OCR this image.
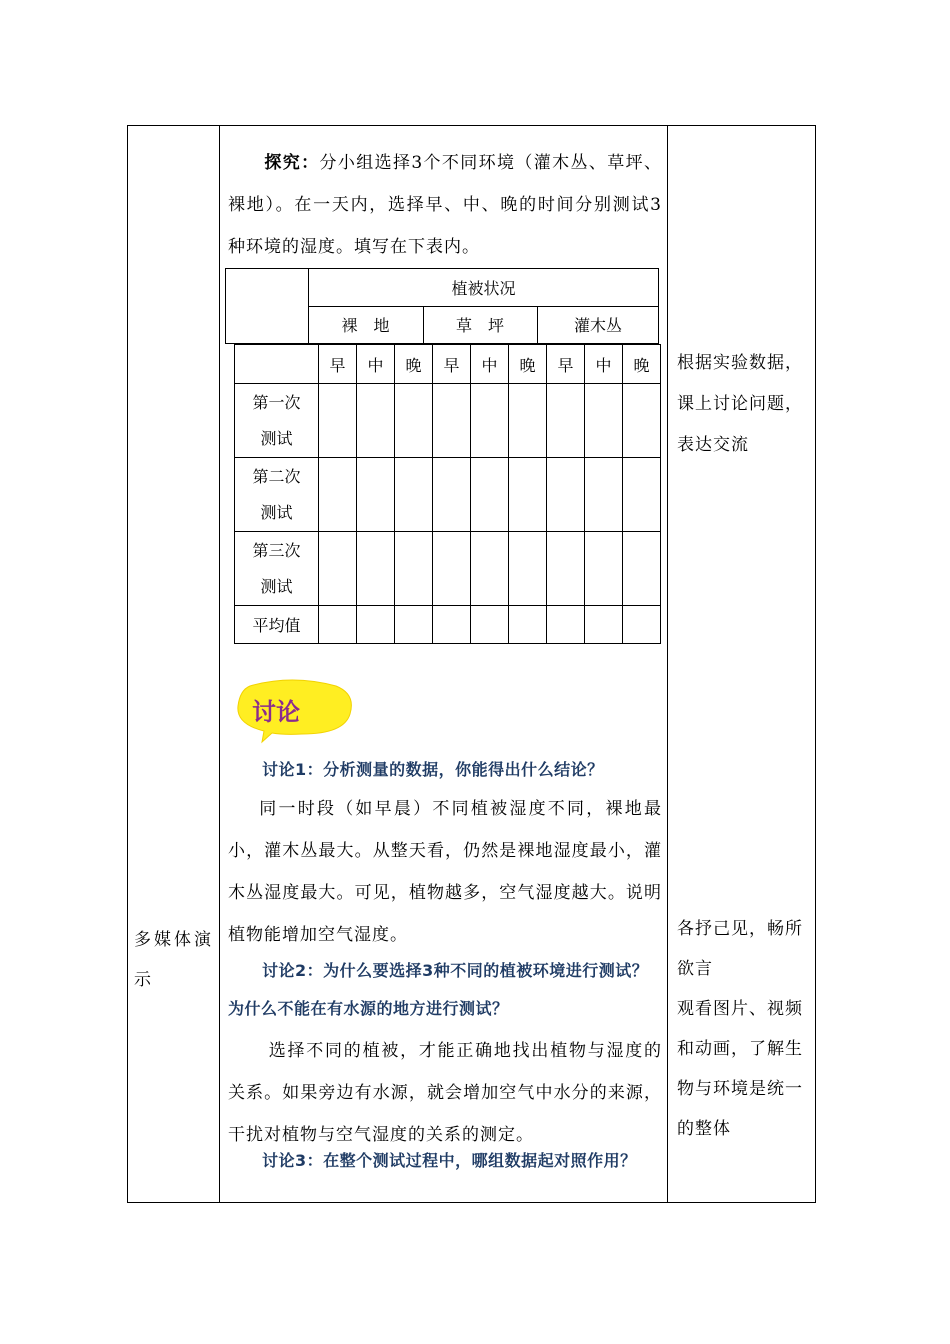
多媒体演示
根据实验数据，
课上讨论问题，
表达交流
各抒己见，畅所
欲言
观看图片、视频
和动画，了解生
物与环境是统一
的整体
探究：分小组选择3个不同环境（灌木丛、草坪、裸地）。在一天内，选择早、中、晚的时间分别测试3种环境的湿度。填写在下表内。
植被状况
裸　地	草　坪	灌木丛
	早	中	晚	早	中	晚	早	中	晚
第一次
测试									
第二次
测试									
第三次
测试									
平均值									
讨论
讨论1：分析测量的数据，你能得出什么结论？
同一时段（如早晨）不同植被湿度不同，裸地最小，灌木丛最大。从整天看，仍然是裸地湿度最小，灌木丛湿度最大。可见，植物越多，空气湿度越大。说明植物能增加空气湿度。
讨论2：为什么要选择3种不同的植被环境进行测试？为什么不能在有水源的地方进行测试？
选择不同的植被，才能正确地找出植物与湿度的关系。如果旁边有水源，就会增加空气中水分的来源，干扰对植物与空气湿度的关系的测定。
讨论3：在整个测试过程中，哪组数据起对照作用？
